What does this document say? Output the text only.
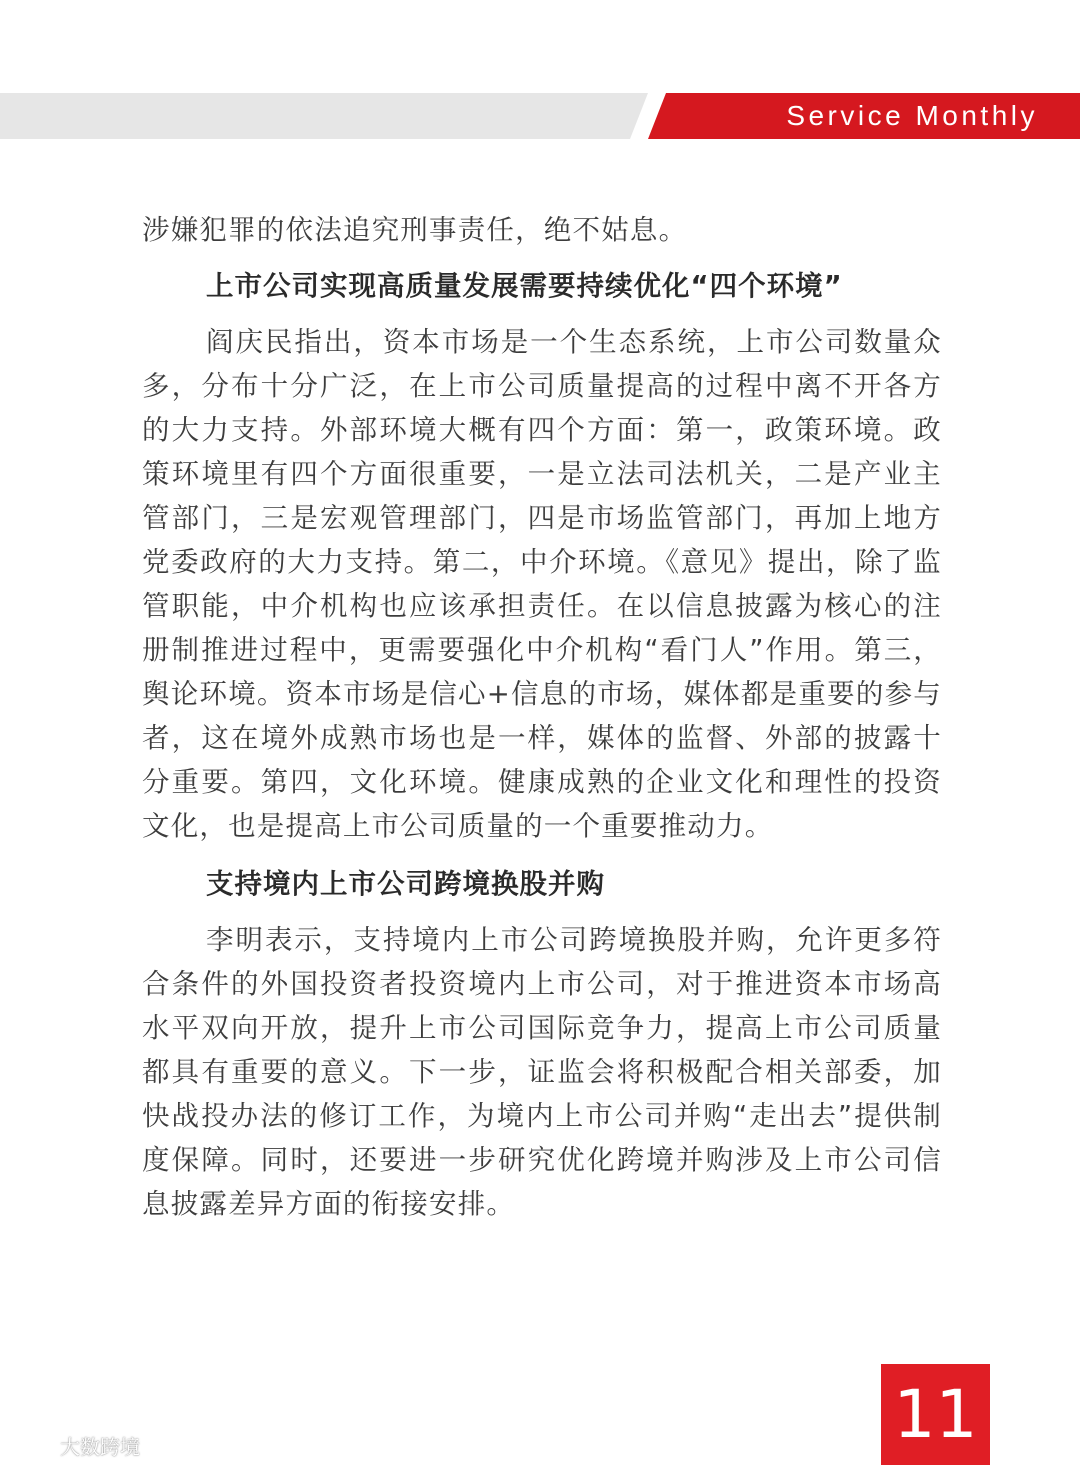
Service Monthly

涉嫌犯罪的依法追究刑事责任，绝不姑息。

上市公司实现高质量发展需要持续优化“四个环境”

阎庆民指出，资本市场是一个生态系统，上市公司数量众多，分布十分广泛，在上市公司质量提高的过程中离不开各方的大力支持。外部环境大概有四个方面：第一，政策环境。政策环境里有四个方面很重要，一是立法司法机关，二是产业主管部门，三是宏观管理部门，四是市场监管部门，再加上地方党委政府的大力支持。第二，中介环境。《意见》提出，除了监管职能，中介机构也应该承担责任。在以信息披露为核心的注册制推进过程中，更需要强化中介机构“看门人”作用。第三，舆论环境。资本市场是信心+信息的市场，媒体都是重要的参与者，这在境外成熟市场也是一样，媒体的监督、外部的披露十分重要。第四，文化环境。健康成熟的企业文化和理性的投资文化，也是提高上市公司质量的一个重要推动力。

支持境内上市公司跨境换股并购

李明表示，支持境内上市公司跨境换股并购，允许更多符合条件的外国投资者投资境内上市公司，对于推进资本市场高水平双向开放，提升上市公司国际竞争力，提高上市公司质量都具有重要的意义。下一步，证监会将积极配合相关部委，加快战投办法的修订工作，为境内上市公司并购“走出去”提供制度保障。同时，还要进一步研究优化跨境并购涉及上市公司信息披露差异方面的衔接安排。

11
大数跨境
